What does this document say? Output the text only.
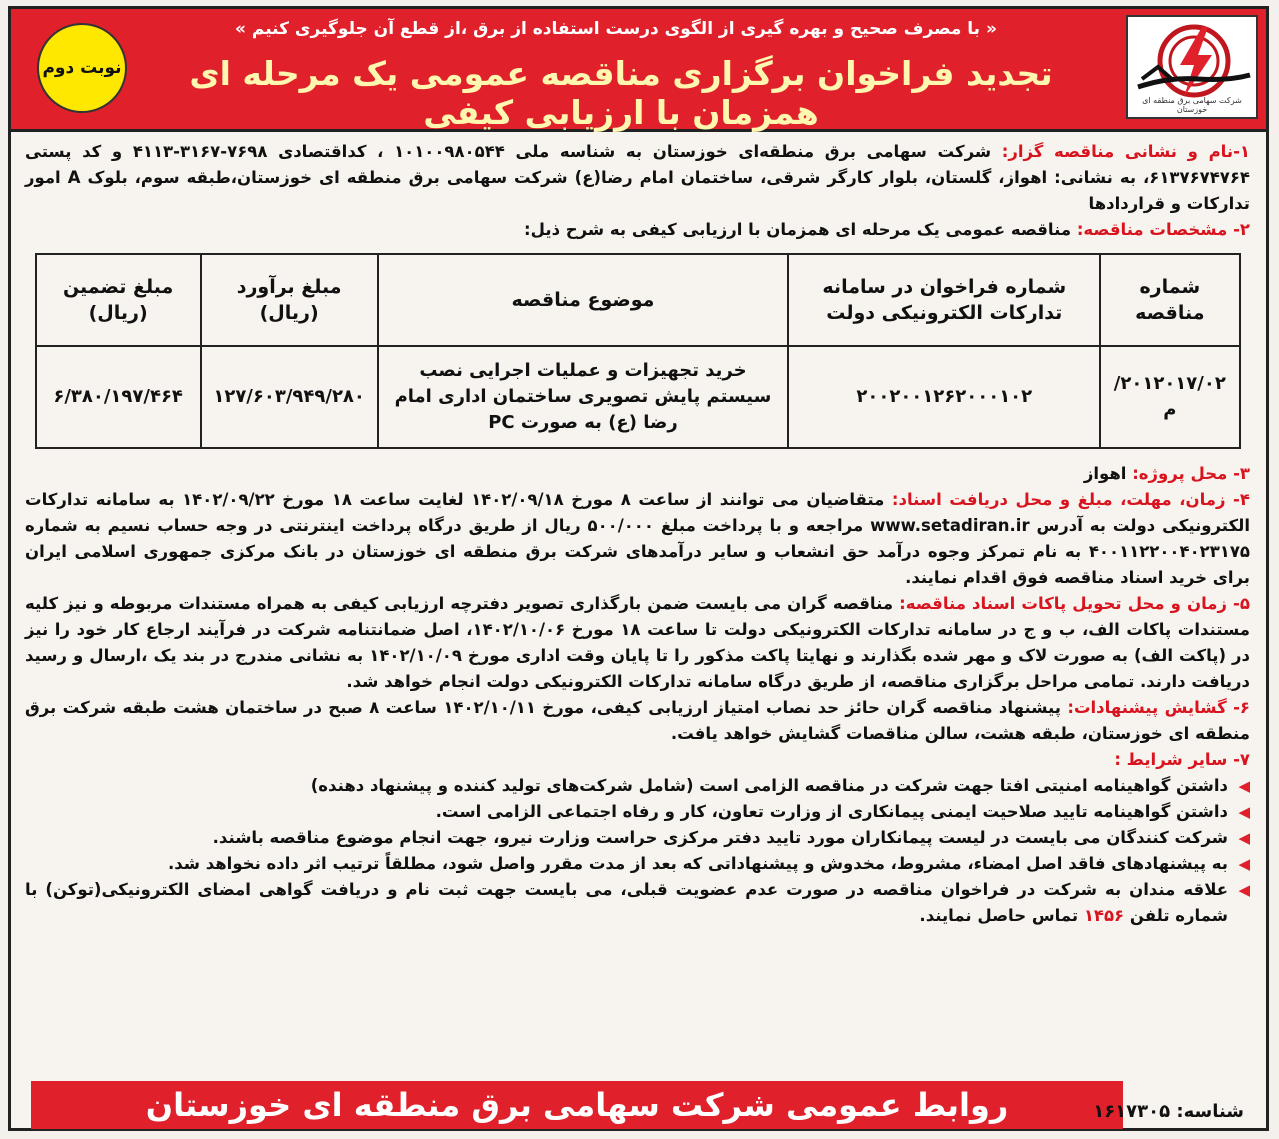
شرکت سهامی برق منطقه ای خوزستان
« با مصرف صحیح و بهره گیری از الگوی درست استفاده از برق ،از قطع آن جلوگیری کنیم »
تجدید فراخوان برگزاری مناقصه عمومی یک مرحله ای همزمان با ارزیابی کیفی
نوبت دوم

۱-نام و نشانی مناقصه گزار: شرکت سهامی برق منطقه‌ای خوزستان به شناسه ملی ۱۰۱۰۰۹۸۰۵۴۴ ، کداقتصادی ۷۶۹۸-۳۱۶۷-۴۱۱۳ و کد پستی ۶۱۳۷۶۷۴۷۶۴، به نشانی: اهواز، گلستان، بلوار کارگر شرقی، ساختمان امام رضا(ع) شرکت سهامی برق منطقه ای خوزستان،طبقه سوم، بلوک A امور تدارکات و قراردادها

۲- مشخصات مناقصه: مناقصه عمومی یک مرحله ای همزمان با ارزیابی کیفی به شرح ذیل:

شماره مناقصه	شماره فراخوان در سامانه تدارکات الکترونیکی دولت	موضوع مناقصه	مبلغ برآورد (ریال)	مبلغ تضمین (ریال)
۲۰۱۲۰۱۷/۰۲/م	۲۰۰۲۰۰۱۲۶۲۰۰۰۱۰۲	خرید تجهیزات و عملیات اجرایی نصب سیستم پایش تصویری ساختمان اداری امام رضا (ع) به صورت PC	۱۲۷/۶۰۳/۹۴۹/۲۸۰	۶/۳۸۰/۱۹۷/۴۶۴

۳- محل پروژه: اهواز

۴- زمان، مهلت، مبلغ و محل دریافت اسناد: متقاضیان می توانند از ساعت ۸ مورخ ۱۴۰۲/۰۹/۱۸ لغایت ساعت ۱۸ مورخ ۱۴۰۲/۰۹/۲۲ به سامانه تدارکات الکترونیکی دولت به آدرس www.setadiran.ir مراجعه و با پرداخت مبلغ ۵۰۰/۰۰۰ ریال از طریق درگاه پرداخت اینترنتی در وجه حساب نسیم به شماره ۴۰۰۱۱۲۲۰۰۴۰۲۳۱۷۵ به نام تمرکز وجوه درآمد حق انشعاب و سایر درآمدهای شرکت برق منطقه ای خوزستان در بانک مرکزی جمهوری اسلامی ایران برای خرید اسناد مناقصه فوق اقدام نمایند.

۵- زمان و محل تحویل پاکات اسناد مناقصه: مناقصه گران می بایست ضمن بارگذاری تصویر دفترچه ارزیابی کیفی به همراه مستندات مربوطه و نیز کلیه مستندات پاکات الف، ب و ج در سامانه تدارکات الکترونیکی دولت تا ساعت ۱۸ مورخ ۱۴۰۲/۱۰/۰۶، اصل ضمانتنامه شرکت در فرآیند ارجاع کار خود را نیز در (پاکت الف) به صورت لاک و مهر شده بگذارند و نهایتا پاکت مذکور را تا پایان وقت اداری مورخ ۱۴۰۲/۱۰/۰۹ به نشانی مندرج در بند یک ،ارسال و رسید دریافت دارند. تمامی مراحل برگزاری مناقصه، از طریق درگاه سامانه تدارکات الکترونیکی دولت انجام خواهد شد.

۶- گشایش پیشنهادات: پیشنهاد مناقصه گران حائز حد نصاب امتیاز ارزیابی کیفی، مورخ ۱۴۰۲/۱۰/۱۱ ساعت ۸ صبح در ساختمان هشت طبقه شرکت برق منطقه ای خوزستان، طبقه هشت، سالن مناقصات گشایش خواهد یافت.

۷- سایر شرایط :

◀
داشتن گواهینامه امنیتی افتا جهت شرکت در مناقصه الزامی است (شامل شرکت‌های تولید کننده و پیشنهاد دهنده)
◀
داشتن گواهینامه تایید صلاحیت ایمنی پیمانکاری از وزارت تعاون، کار و رفاه اجتماعی الزامی است.
◀
شرکت کنندگان می بایست در لیست پیمانکاران مورد تایید دفتر مرکزی حراست وزارت نیرو، جهت انجام موضوع مناقصه باشند.
◀
به پیشنهادهای فاقد اصل امضاء، مشروط، مخدوش و پیشنهاداتی که بعد از مدت مقرر واصل شود، مطلقاً ترتیب اثر داده نخواهد شد.
◀
علاقه مندان به شرکت در فراخوان مناقصه در صورت عدم عضویت قبلی، می بایست جهت ثبت نام و دریافت گواهی امضای الکترونیکی(توکن) با شماره تلفن ۱۴۵۶ تماس حاصل نمایند.
روابط عمومی شرکت سهامی برق منطقه ای خوزستان	شناسه: ۱۶۱۷۳۰۵
